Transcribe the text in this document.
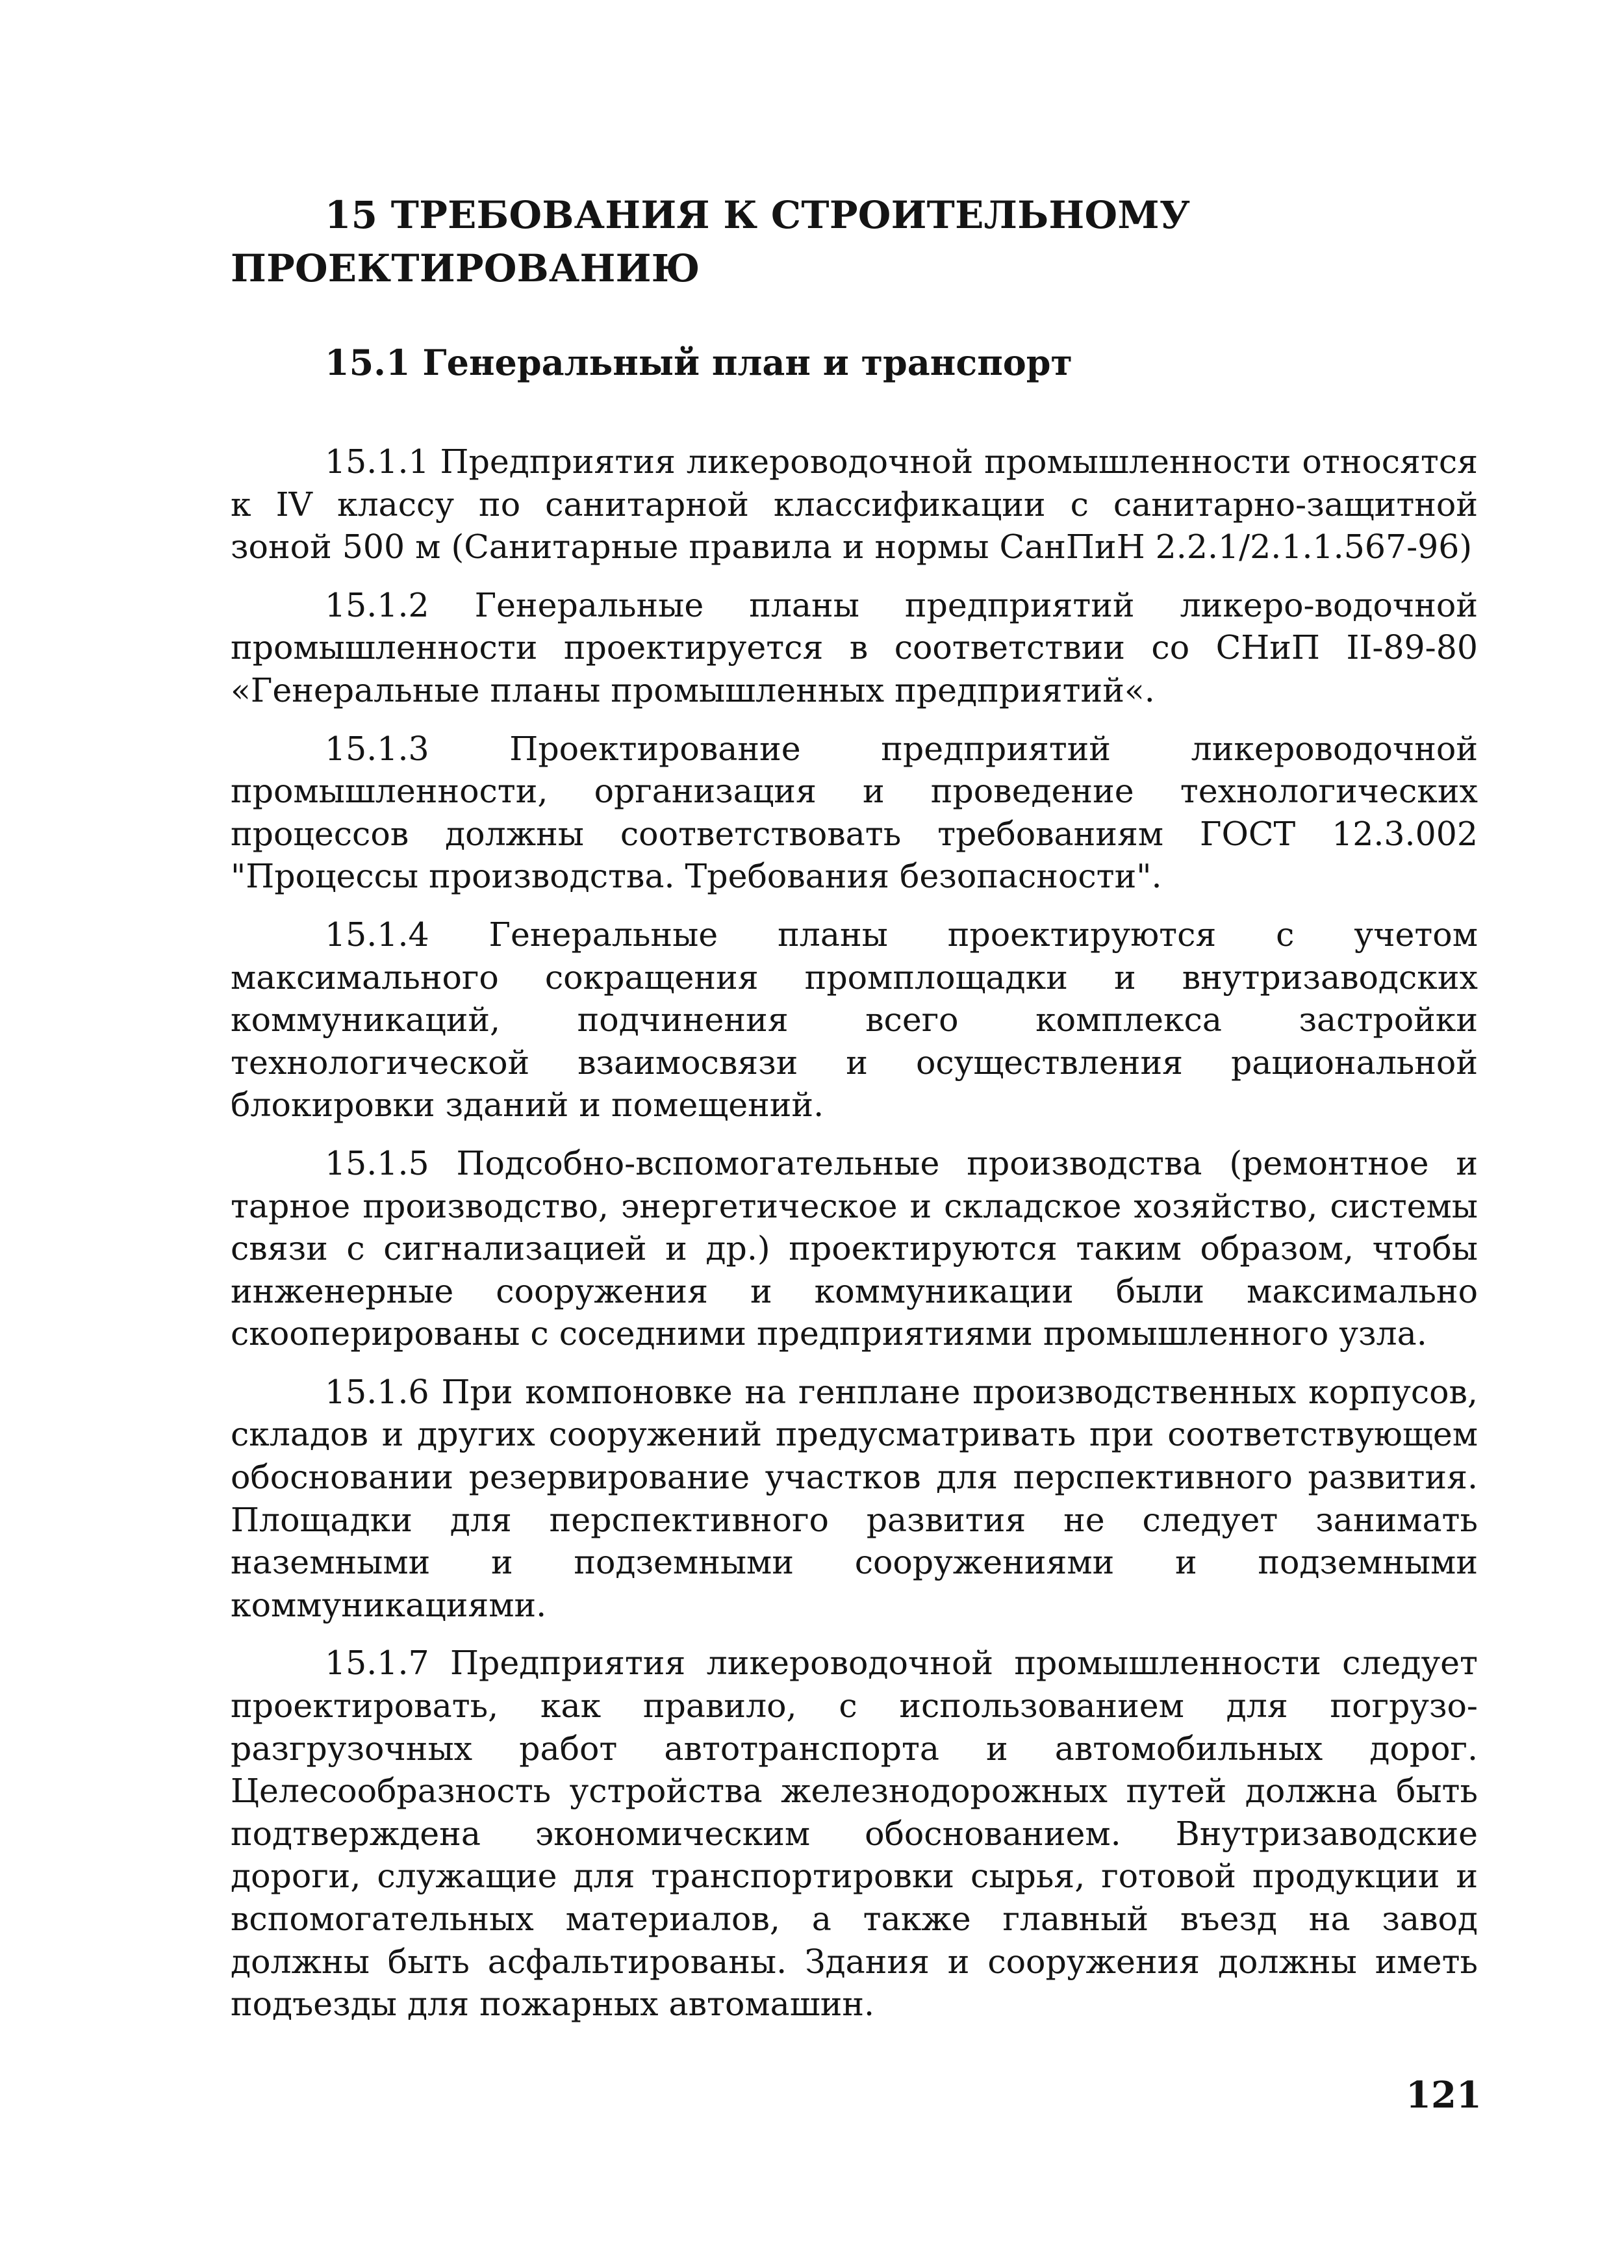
15 ТРЕБОВАНИЯ К СТРОИТЕЛЬНОМУ ПРОЕКТИРОВАНИЮ
15.1 Генеральный план и транспорт

15.1.1 Предприятия ликероводочной промышленности относятся к IV классу по санитарной классификации с санитарно-защитной зоной 500 м (Санитарные правила и нормы СанПиН 2.2.1/2.1.1.567-96)

15.1.2 Генеральные планы предприятий ликеро-водочной промышленности проектируется в соответствии со СНиП II-89-80 «Генеральные планы промышленных предприятий«.

15.1.3 Проектирование предприятий ликероводочной промышленности, организация и проведение технологических процессов должны соответствовать требованиям ГОСТ 12.3.002 "Процессы производства. Требования безопасности".

15.1.4 Генеральные планы проектируются с учетом максимального сокращения промплощадки и внутризаводских коммуникаций, подчинения всего комплекса застройки технологической взаимосвязи и осуществления рациональной блокировки зданий и помещений.

15.1.5 Подсобно-вспомогательные производства (ремонтное и тарное производство, энергетическое и складское хозяйство, системы связи с сигнализацией и др.) проектируются таким образом, чтобы инженерные сооружения и коммуникации были максимально скооперированы с соседними предприятиями промышленного узла.

15.1.6 При компоновке на генплане производственных корпусов, складов и других сооружений предусматривать при соответствующем обосновании резервирование участков для перспективного развития. Площадки для перспективного развития не следует занимать наземными и подземными сооружениями и подземными коммуникациями.

15.1.7 Предприятия ликероводочной промышленности следует проектировать, как правило, с использованием для погрузо-разгрузочных работ автотранспорта и автомобильных дорог. Целесообразность устройства железнодорожных путей должна быть подтверждена экономическим обоснованием. Внутризаводские дороги, служащие для транспортировки сырья, готовой продукции и вспомогательных материалов, а также главный въезд на завод должны быть асфальтированы. Здания и сооружения должны иметь подъезды для пожарных автомашин.

121
